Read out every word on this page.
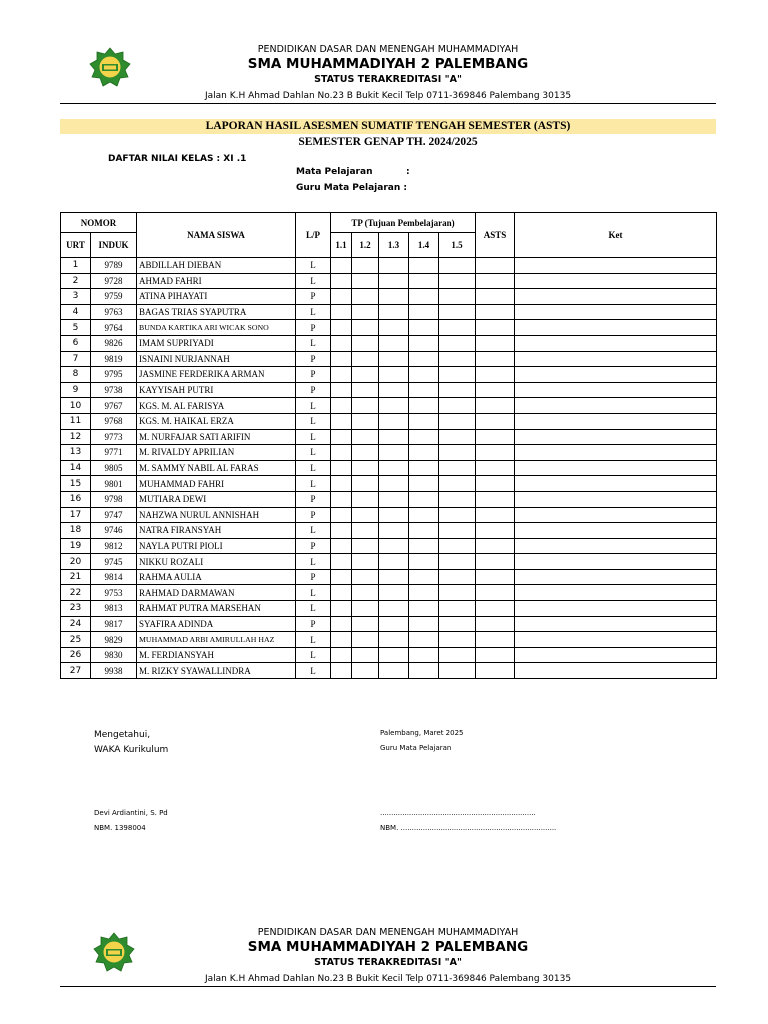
PENDIDIKAN DASAR DAN MENENGAH MUHAMMADIYAH
SMA MUHAMMADIYAH 2 PALEMBANG
STATUS TERAKREDITASI "A"
Jalan K.H Ahmad Dahlan No.23 B Bukit Kecil Telp 0711-369846 Palembang 30135
LAPORAN HASIL ASESMEN SUMATIF TENGAH SEMESTER (ASTS)
SEMESTER GENAP TH. 2024/2025
DAFTAR NILAI KELAS : XI .1
Mata Pelajaran	:
Guru Mata Pelajaran :
NOMOR		NAMA SISWA	L/P	TP (Tujuan Pembelajaran)					ASTS	Ket
URT	INDUK			1.1	1.2	1.3	1.4	1.5		
1	9789	ABDILLAH DIEBAN	L							
2	9728	AHMAD FAHRI	L							
3	9759	ATINA PIHAYATI	P							
4	9763	BAGAS TRIAS SYAPUTRA	L							
5	9764	BUNDA KARTIKA ARI WICAK SONO	P							
6	9826	IMAM SUPRIYADI	L							
7	9819	ISNAINI NURJANNAH	P							
8	9795	JASMINE FERDERIKA ARMAN	P							
9	9738	KAYYISAH PUTRI	P							
10	9767	KGS. M. AL FARISYA	L							
11	9768	KGS. M. HAIKAL ERZA	L							
12	9773	M. NURFAJAR SATI ARIFIN	L							
13	9771	M. RIVALDY APRILIAN	L							
14	9805	M. SAMMY NABIL AL FARAS	L							
15	9801	MUHAMMAD FAHRI	L							
16	9798	MUTIARA DEWI	P							
17	9747	NAHZWA NURUL ANNISHAH	P							
18	9746	NATRA FIRANSYAH	L							
19	9812	NAYLA PUTRI PIOLI	P							
20	9745	NIKKU ROZALI	L							
21	9814	RAHMA AULIA	P							
22	9753	RAHMAD DARMAWAN	L							
23	9813	RAHMAT PUTRA MARSEHAN	L							
24	9817	SYAFIRA ADINDA	P							
25	9829	MUHAMMAD ARBI AMIRULLAH HAZ	L							
26	9830	M. FERDIANSYAH	L							
27	9938	M. RIZKY SYAWALLINDRA	L							
Mengetahui,
WAKA Kurikulum
Palembang, Maret 2025
Guru Mata Pelajaran
Devi Ardiantini, S. Pd
NBM. 1398004
......................................................................
NBM. ......................................................................
PENDIDIKAN DASAR DAN MENENGAH MUHAMMADIYAH
SMA MUHAMMADIYAH 2 PALEMBANG
STATUS TERAKREDITASI "A"
Jalan K.H Ahmad Dahlan No.23 B Bukit Kecil Telp 0711-369846 Palembang 30135
